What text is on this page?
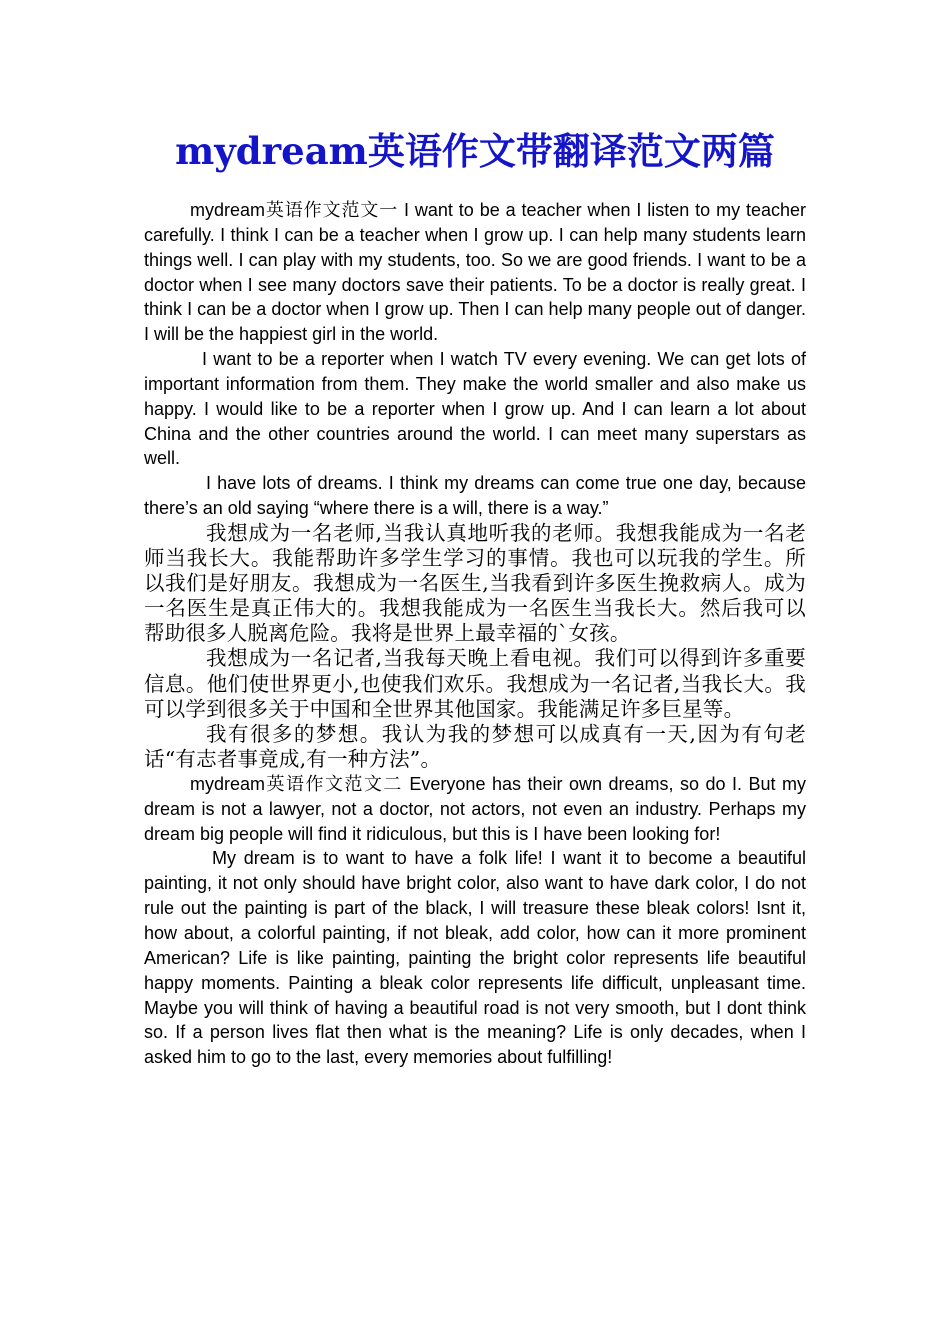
mydream英语作文带翻译范文两篇

mydream英语作文范文一 I want to be a teacher when I listen to my teacher carefully. I think I can be a teacher when I grow up. I can help many students learn things well. I can play with my students, too. So we are good friends. I want to be a doctor when I see many doctors save their patients. To be a doctor is really great. I think I can be a doctor when I grow up. Then I can help many people out of danger. I will be the happiest girl in the world.

I want to be a reporter when I watch TV every evening. We can get lots of important information from them. They make the world smaller and also make us happy. I would like to be a reporter when I grow up. And I can learn a lot about China and the other countries around the world. I can meet many superstars as well.

I have lots of dreams. I think my dreams can come true one day, because there’s an old saying “where there is a will, there is a way.”

我想成为一名老师,当我认真地听我的老师。我想我能成为一名老师当我长大。我能帮助许多学生学习的事情。我也可以玩我的学生。所以我们是好朋友。我想成为一名医生,当我看到许多医生挽救病人。成为一名医生是真正伟大的。我想我能成为一名医生当我长大。然后我可以帮助很多人脱离危险。我将是世界上最幸福的`女孩。

我想成为一名记者,当我每天晚上看电视。我们可以得到许多重要信息。他们使世界更小,也使我们欢乐。我想成为一名记者,当我长大。我可以学到很多关于中国和全世界其他国家。我能满足许多巨星等。

我有很多的梦想。我认为我的梦想可以成真有一天,因为有句老话“有志者事竟成,有一种方法”。

mydream英语作文范文二 Everyone has their own dreams, so do I. But my dream is not a lawyer, not a doctor, not actors, not even an industry. Perhaps my dream big people will find it ridiculous, but this is I have been looking for!

My dream is to want to have a folk life! I want it to become a beautiful painting, it not only should have bright color, also want to have dark color, I do not rule out the painting is part of the black, I will treasure these bleak colors! Isnt it, how about, a colorful painting, if not bleak, add color, how can it more prominent American? Life is like painting, painting the bright color represents life beautiful happy moments. Painting a bleak color represents life difficult, unpleasant time. Maybe you will think of having a beautiful road is not very smooth, but I dont think so. If a person lives flat then what is the meaning? Life is only decades, when I asked him to go to the last, every memories about fulfilling!
